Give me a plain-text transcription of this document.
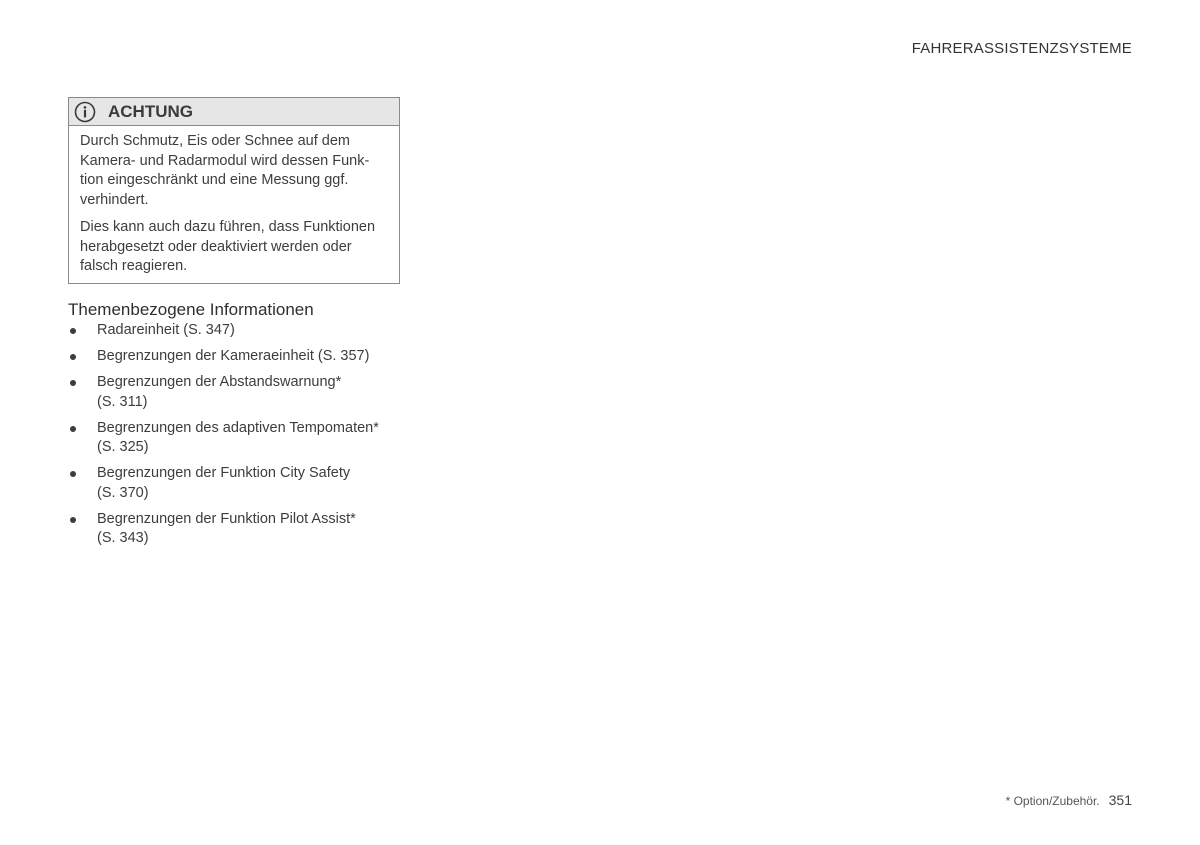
FAHRERASSISTENZSYSTEME
ACHTUNG

Durch Schmutz, Eis oder Schnee auf dem
Kamera- und Radarmodul wird dessen Funk-
tion eingeschränkt und eine Messung ggf.
verhindert.

Dies kann auch dazu führen, dass Funktionen
herabgesetzt oder deaktiviert werden oder
falsch reagieren.

Themenbezogene Informationen
Radareinheit (S. 347)
Begrenzungen der Kameraeinheit (S. 357)
Begrenzungen der Abstandswarnung*
(S. 311)
Begrenzungen des adaptiven Tempomaten*
(S. 325)
Begrenzungen der Funktion City Safety
(S. 370)
Begrenzungen der Funktion Pilot Assist*
(S. 343)
* Option/Zubehör. 351
